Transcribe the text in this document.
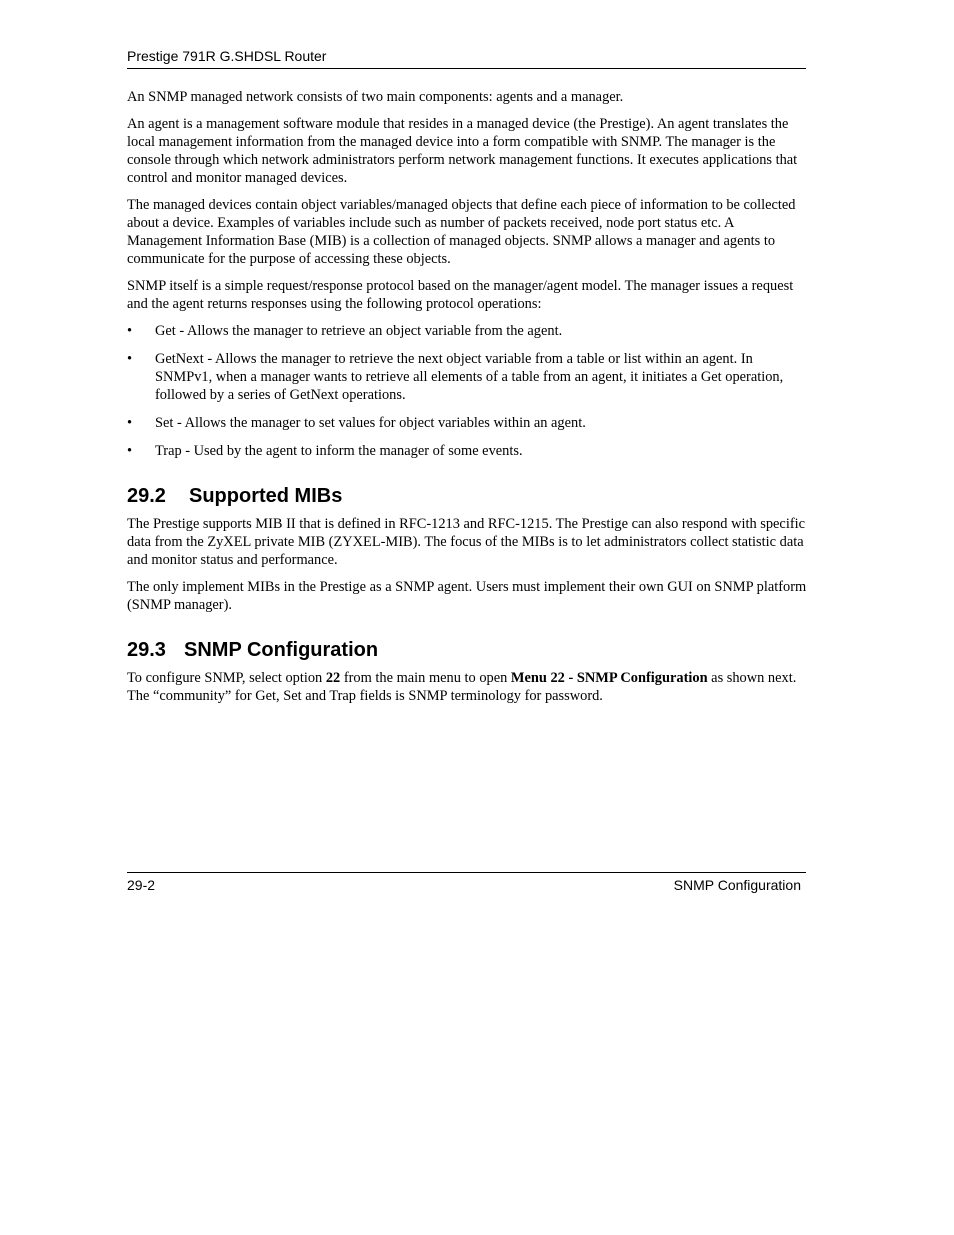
Prestige 791R G.SHDSL Router

An SNMP managed network consists of two main components: agents and a manager.

An agent is a management software module that resides in a managed device (the Prestige). An agent translates the local management information from the managed device into a form compatible with SNMP. The manager is the console through which network administrators perform network management functions. It executes applications that control and monitor managed devices.

The managed devices contain object variables/managed objects that define each piece of information to be collected about a device. Examples of variables include such as number of packets received, node port status etc. A Management Information Base (MIB) is a collection of managed objects. SNMP allows a manager and agents to communicate for the purpose of accessing these objects.

SNMP itself is a simple request/response protocol based on the manager/agent model. The manager issues a request and the agent returns responses using the following protocol operations:

• Get - Allows the manager to retrieve an object variable from the agent.
• GetNext - Allows the manager to retrieve the next object variable from a table or list within an agent. In SNMPv1, when a manager wants to retrieve all elements of a table from an agent, it initiates a Get operation, followed by a series of GetNext operations.
• Set - Allows the manager to set values for object variables within an agent.
• Trap - Used by the agent to inform the manager of some events.
29.2 Supported MIBs

The Prestige supports MIB II that is defined in RFC-1213 and RFC-1215. The Prestige can also respond with specific data from the ZyXEL private MIB (ZYXEL-MIB). The focus of the MIBs is to let administrators collect statistic data and monitor status and performance.

The only implement MIBs in the Prestige as a SNMP agent. Users must implement their own GUI on SNMP platform (SNMP manager).

29.3 SNMP Configuration

To configure SNMP, select option 22 from the main menu to open Menu 22 - SNMP Configuration as shown next. The “community” for Get, Set and Trap fields is SNMP terminology for password.

29-2	SNMP Configuration
